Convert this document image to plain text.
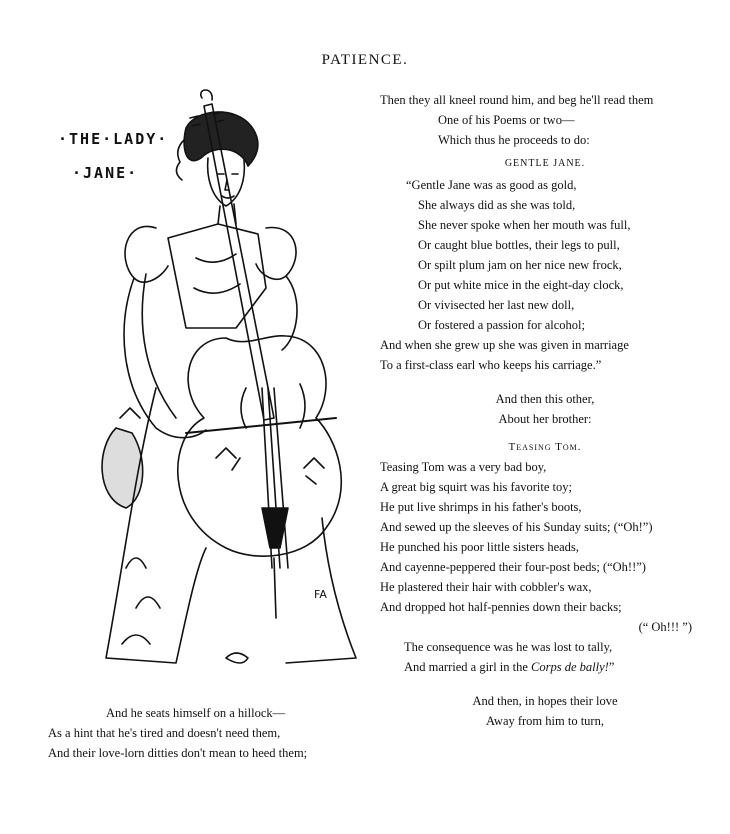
PATIENCE.
·THE·LADY·
·JANE·
FA
Then they all kneel round him, and beg he'll read them
One of his Poems or two—
Which thus he proceeds to do:
GENTLE JANE.
“Gentle Jane was as good as gold,
She always did as she was told,
She never spoke when her mouth was full,
Or caught blue bottles, their legs to pull,
Or spilt plum jam on her nice new frock,
Or put white mice in the eight-day clock,
Or vivisected her last new doll,
Or fostered a passion for alcohol;
And when she grew up she was given in marriage
To a first-class earl who keeps his carriage.”
And then this other,
About her brother:
Teasing Tom.
Teasing Tom was a very bad boy,
A great big squirt was his favorite toy;
He put live shrimps in his father's boots,
And sewed up the sleeves of his Sunday suits; (“Oh!”)
He punched his poor little sisters heads,
And cayenne-peppered their four-post beds; (“Oh!!”)
He plastered their hair with cobbler's wax,
And dropped hot half-pennies down their backs;
(“ Oh!!! ”)
The consequence was he was lost to tally,
And married a girl in the Corps de bally!”
And then, in hopes their love
Away from him to turn,
And he seats himself on a hillock—
As a hint that he's tired and doesn't need them,
And their love-lorn ditties don't mean to heed them;
